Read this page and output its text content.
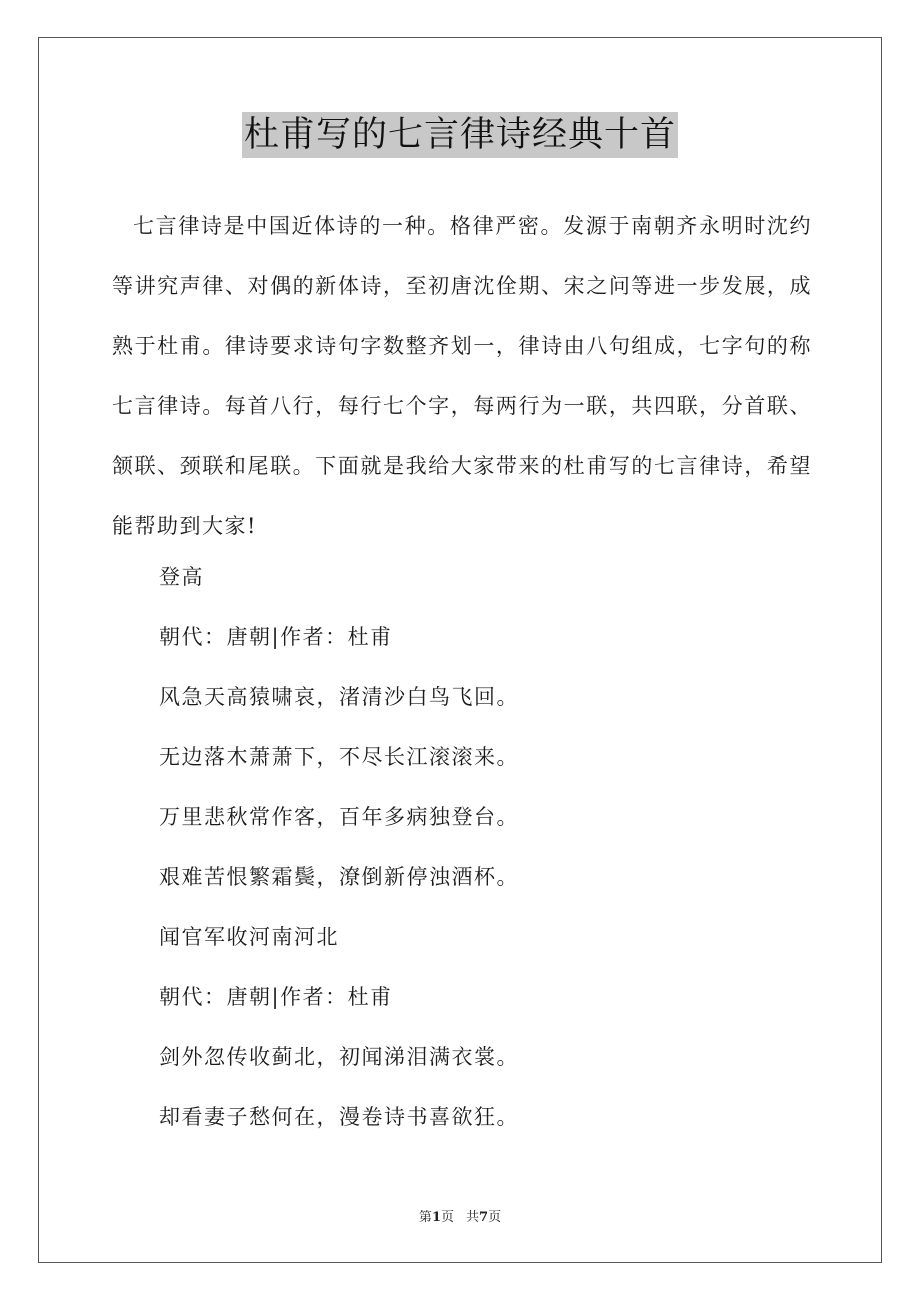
杜甫写的七言律诗经典十首

七言律诗是中国近体诗的一种。格律严密。发源于南朝齐永明时沈约等讲究声律、对偶的新体诗，至初唐沈佺期、宋之问等进一步发展，成熟于杜甫。律诗要求诗句字数整齐划一，律诗由八句组成，七字句的称七言律诗。每首八行，每行七个字，每两行为一联，共四联，分首联、颔联、颈联和尾联。下面就是我给大家带来的杜甫写的七言律诗，希望能帮助到大家!

登高
朝代：唐朝|作者：杜甫
风急天高猿啸哀，渚清沙白鸟飞回。
无边落木萧萧下，不尽长江滚滚来。
万里悲秋常作客，百年多病独登台。
艰难苦恨繁霜鬓，潦倒新停浊酒杯。
闻官军收河南河北
朝代：唐朝|作者：杜甫
剑外忽传收蓟北，初闻涕泪满衣裳。
却看妻子愁何在，漫卷诗书喜欲狂。
第1页 共7页
